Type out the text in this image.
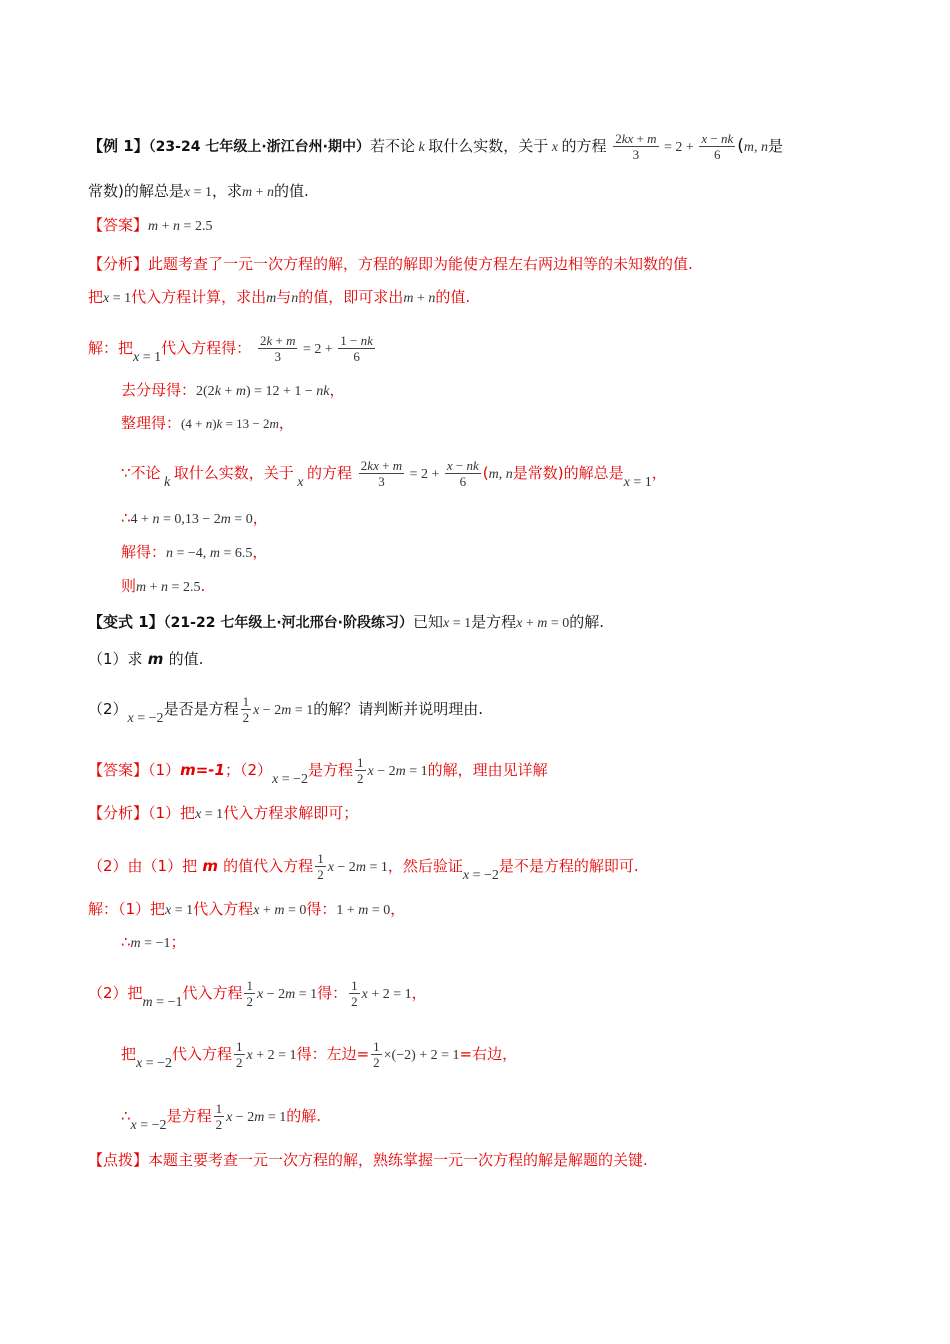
【例 1】（23-24 七年级上·浙江台州·期中）若不论 k 取什么实数，关于 x 的方程 $\frac{2kx + m}{3} = 2 + \frac{x - nk}{6} (m$, n是
常数)的解总是x = 1，求m + n的值.
【答案】m + n = 2.5
【分析】此题考查了一元一次方程的解，方程的解即为能使方程左右两边相等的未知数的值.
把x = 1代入方程计算，求出m与n的值，即可求出m + n的值.
解：把x = 1代入方程得： $\frac{2k + m}{3} = 2 + \frac{1 - nk}{6}$
去分母得：2(2k + m) = 12 + 1 − nk，
整理得：(4 + n)k = 13 − 2m，
∵不论 k 取什么实数，关于 x 的方程 $\frac{2kx + m}{3} = 2 + \frac{x - nk}{6} (m$, n是常数)的解总是x = 1，
∴4 + n = 0,13 − 2m = 0，
解得：n = −4, m = 6.5，
则m + n = 2.5.
【变式 1】（21-22 七年级上·河北邢台·阶段练习）已知x = 1是方程x + m = 0的解.
（1）求 m 的值.
（2）x = −2是否是方程 $\frac{1}{2}$ x − 2m = 1的解？请判断并说明理由.
【答案】（1）m=-1；（2）x = −2是方程 $\frac{1}{2}$ x − 2m = 1的解，理由见详解
【分析】（1）把x = 1代入方程求解即可；
（2）由（1）把 m 的值代入方程 $\frac{1}{2}$ x − 2m = 1，然后验证x = −2是不是方程的解即可.
解：（1）把x = 1代入方程x + m = 0得：1 + m = 0，
∴m = −1；
（2）把m = −1代入方程 $\frac{1}{2}$ x − 2m = 1得： $\frac{1}{2}$ x + 2 = 1，
把x = −2代入方程 $\frac{1}{2}$ x + 2 = 1得：左边= $\frac{1}{2} \times(-2) + 2 = 1=$右边，
∴x = −2是方程 $\frac{1}{2}$ x − 2m = 1的解.
【点拨】本题主要考查一元一次方程的解，熟练掌握一元一次方程的解是解题的关键.
